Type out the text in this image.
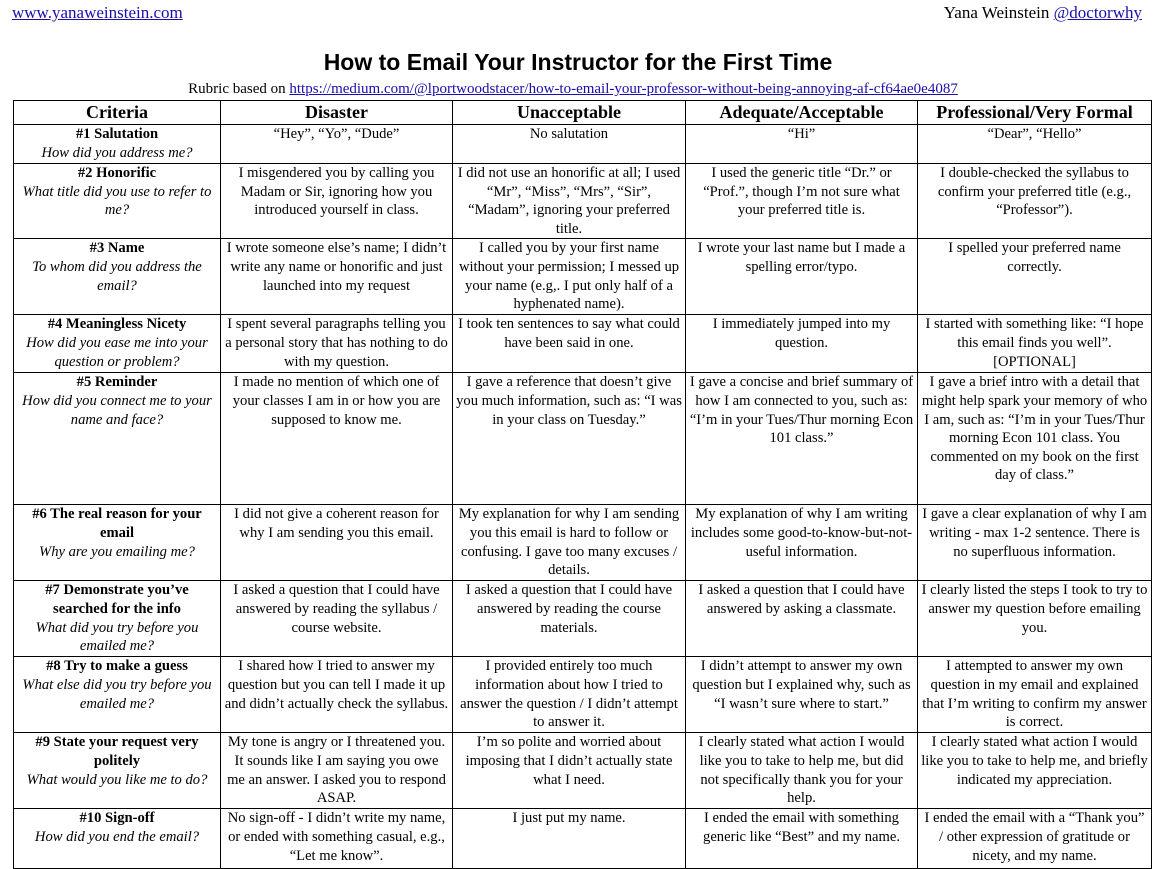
www.yanaweinstein.com	Yana Weinstein @doctorwhy
How to Email Your Instructor for the First Time
Rubric based on https://medium.com/@lportwoodstacer/how-to-email-your-professor-without-being-annoying-af-cf64ae0e4087
Criteria	Disaster	Unacceptable	Adequate/Acceptable	Professional/Very Formal

#1 Salutation
How did you address me?	“Hey”, “Yo”, “Dude”	No salutation	“Hi”	“Dear”, “Hello”

#2 Honorific
What title did you use to refer to me?	I misgendered you by calling you Madam or Sir, ignoring how you introduced yourself in class.	I did not use an honorific at all; I used “Mr”, “Miss”, “Mrs”, “Sir”, “Madam”, ignoring your preferred title.	I used the generic title “Dr.” or “Prof.”, though I’m not sure what your preferred title is.	I double-checked the syllabus to confirm your preferred title (e.g., “Professor”).

#3 Name
To whom did you address the email?	I wrote someone else’s name; I didn’t write any name or honorific and just launched into my request	I called you by your first name without your permission; I messed up your name (e.g,. I put only half of a hyphenated name).	I wrote your last name but I made a spelling error/typo.	I spelled your preferred name correctly.

#4 Meaningless Nicety
How did you ease me into your question or problem?	I spent several paragraphs telling you a personal story that has nothing to do with my question.	I took ten sentences to say what could have been said in one.	I immediately jumped into my question.	I started with something like: “I hope this email finds you well”. [OPTIONAL]

#5 Reminder
How did you connect me to your name and face?	I made no mention of which one of your classes I am in or how you are supposed to know me.	I gave a reference that doesn’t give you much information, such as: “I was in your class on Tuesday.”	I gave a concise and brief summary of how I am connected to you, such as: “I’m in your Tues/Thur morning Econ 101 class.”	I gave a brief intro with a detail that might help spark your memory of who I am, such as: “I’m in your Tues/Thur morning Econ 101 class. You commented on my book on the first day of class.”

#6 The real reason for your email
Why are you emailing me?	I did not give a coherent reason for why I am sending you this email.	My explanation for why I am sending you this email is hard to follow or confusing. I gave too many excuses / details.	My explanation of why I am writing includes some good-to-know-but-not-useful information.	I gave a clear explanation of why I am writing - max 1-2 sentence. There is no superfluous information.

#7 Demonstrate you’ve searched for the info
What did you try before you emailed me?	I asked a question that I could have answered by reading the syllabus / course website.	I asked a question that I could have answered by reading the course materials.	I asked a question that I could have answered by asking a classmate.	I clearly listed the steps I took to try to answer my question before emailing you.

#8 Try to make a guess
What else did you try before you emailed me?	I shared how I tried to answer my question but you can tell I made it up and didn’t actually check the syllabus.	I provided entirely too much information about how I tried to answer the question / I didn’t attempt to answer it.	I didn’t attempt to answer my own question but I explained why, such as “I wasn’t sure where to start.”	I attempted to answer my own question in my email and explained that I’m writing to confirm my answer is correct.

#9 State your request very politely
What would you like me to do?	My tone is angry or I threatened you. It sounds like I am saying you owe me an answer. I asked you to respond ASAP.	I’m so polite and worried about imposing that I didn’t actually state what I need.	I clearly stated what action I would like you to take to help me, but did not specifically thank you for your help.	I clearly stated what action I would like you to take to help me, and briefly indicated my appreciation.

#10 Sign-off
How did you end the email?	No sign-off - I didn’t write my name, or ended with something casual, e.g., “Let me know”.	I just put my name.	I ended the email with something generic like “Best” and my name.	I ended the email with a “Thank you” / other expression of gratitude or nicety, and my name.
